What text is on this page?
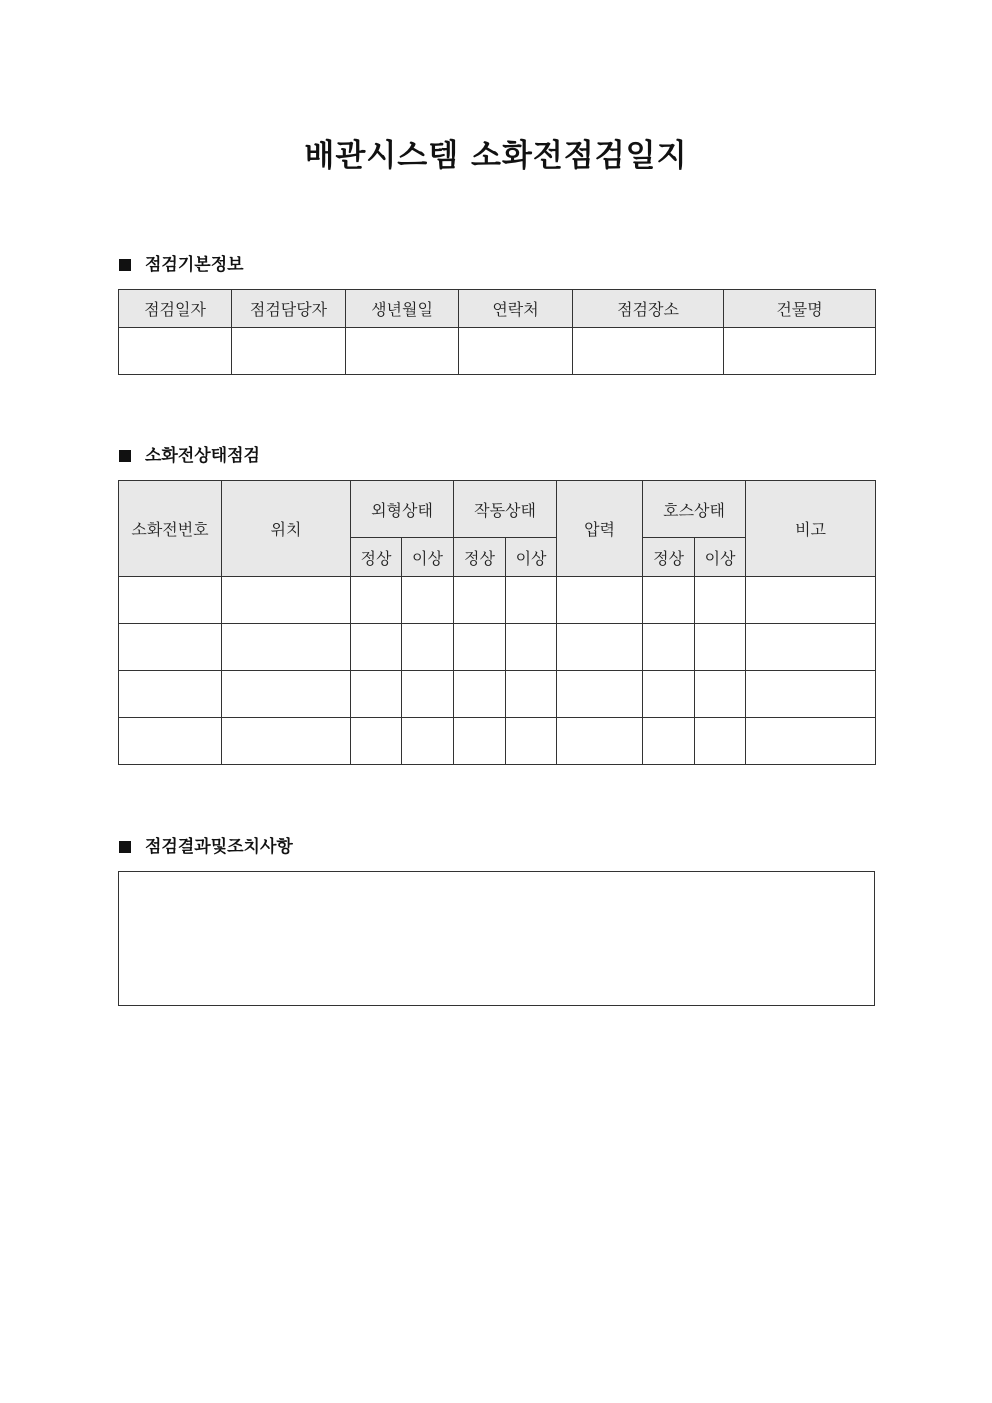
배관시스템 소화전점검일지
점검기본정보
점검일자	점검담당자	생년월일	연락처	점검장소	건물명

소화전상태점검
소화전번호	위치	외형상태		작동상태		압력	호스상태		비고
		정상	이상	정상	이상		정상	이상	

점검결과및조치사항
